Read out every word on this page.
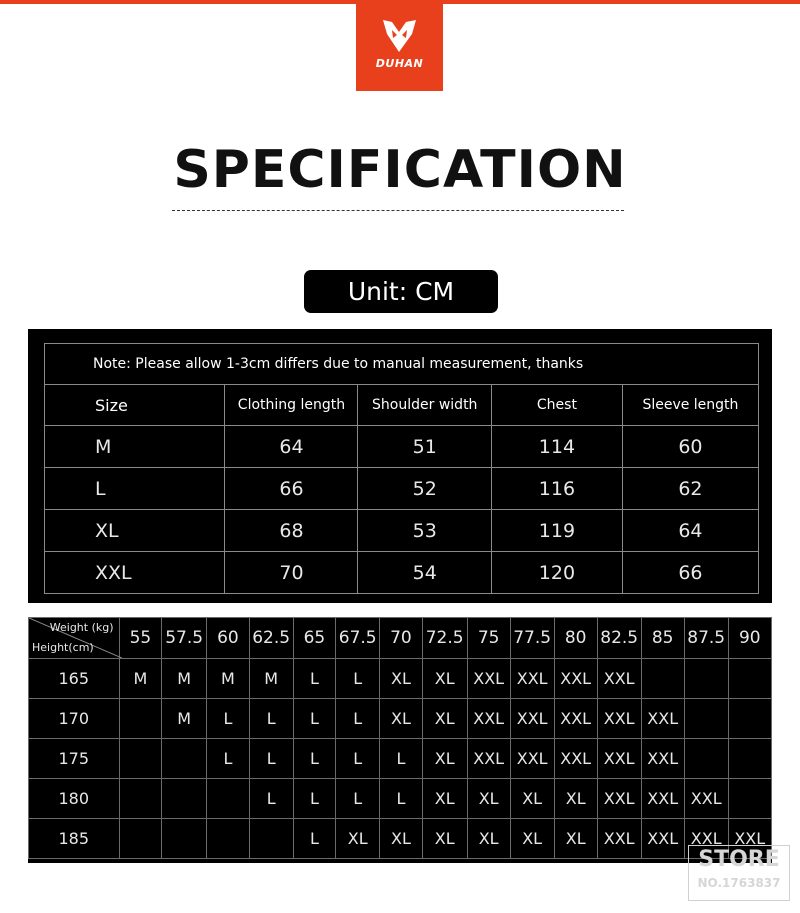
DUHAN
SPECIFICATION
Unit: CM
Note: Please allow 1-3cm differs due to manual measurement, thanks				
Size	Clothing length	Shoulder width	Chest	Sleeve length
M	64	51	114	60
L	66	52	116	62
XL	68	53	119	64
XXL	70	54	120	66
Weight (kg)
Height(cm)	55	57.5	60	62.5	65	67.5	70	72.5	75	77.5	80	82.5	85	87.5	90
165	M	M	M	M	L	L	XL	XL	XXL	XXL	XXL	XXL			
170		M	L	L	L	L	XL	XL	XXL	XXL	XXL	XXL	XXL		
175			L	L	L	L	L	XL	XXL	XXL	XXL	XXL	XXL		
180				L	L	L	L	XL	XL	XL	XL	XXL	XXL	XXL	
185					L	XL	XL	XL	XL	XL	XL	XXL	XXL	XXL	XXL
STORE
NO.1763837
